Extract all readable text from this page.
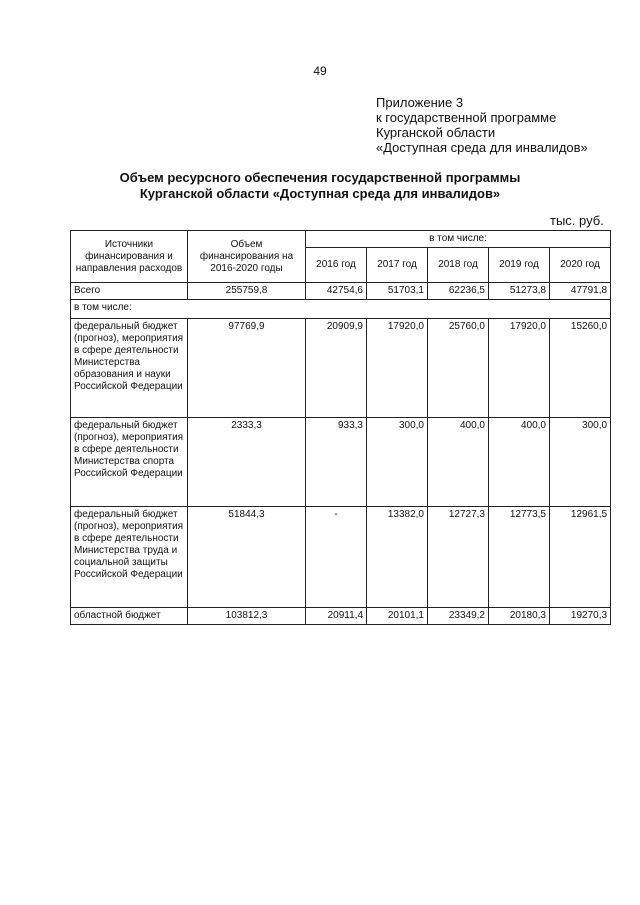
49
Приложение 3
к государственной программе
Курганской области
«Доступная среда для инвалидов»
Объем ресурсного обеспечения государственной программы
Курганской области «Доступная среда для инвалидов»
тыс. руб.
Источники финансирования и направления расходов	Объем финансирования на 2016-2020 годы	в том числе:				
		2016 год	2017 год	2018 год	2019 год	2020 год
Всего	255759,8	42754,6	51703,1	62236,5	51273,8	47791,8
в том числе:						
федеральный бюджет (прогноз), мероприятия в сфере деятельности Министерства образования и науки Российской Федерации	97769,9	20909,9	17920,0	25760,0	17920,0	15260,0
федеральный бюджет (прогноз), мероприятия в сфере деятельности Министерства спорта Российской Федерации	2333,3	933,3	300,0	400,0	400,0	300,0
федеральный бюджет (прогноз), мероприятия в сфере деятельности Министерства труда и социальной защиты Российской Федерации	51844,3	-	13382,0	12727,3	12773,5	12961,5
областной бюджет	103812,3	20911,4	20101,1	23349,2	20180,3	19270,3
